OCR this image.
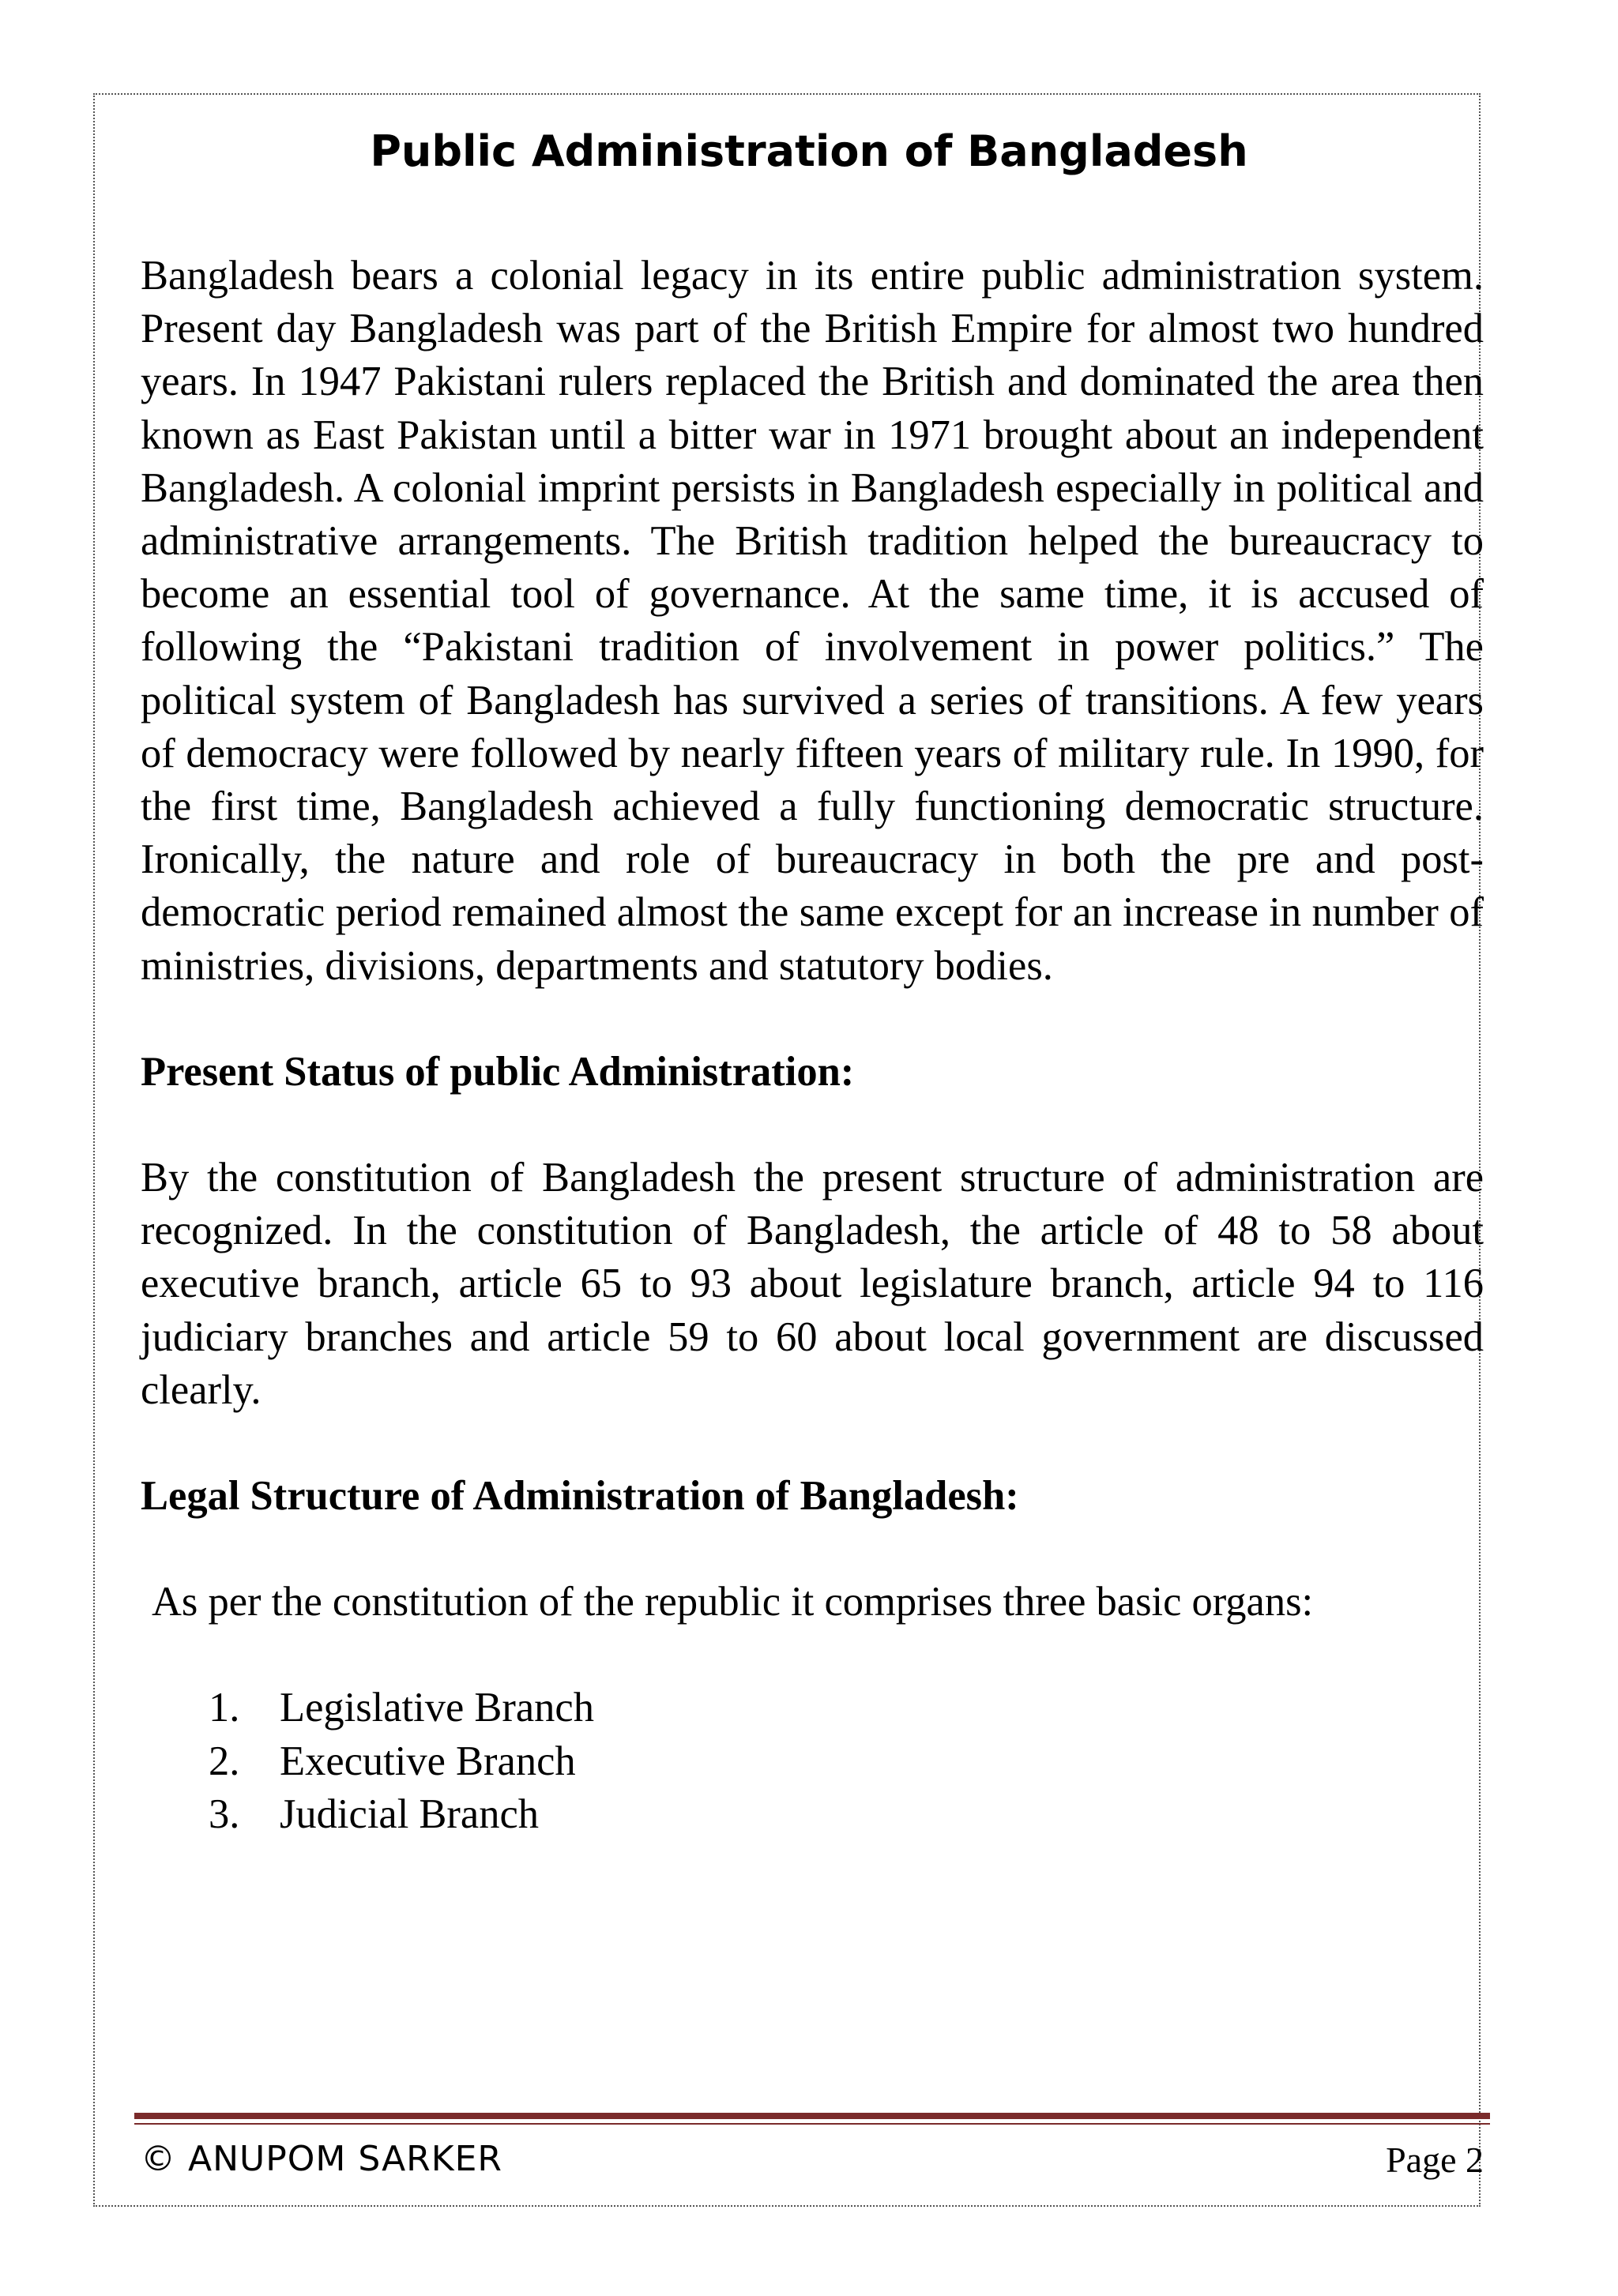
Public Administration of Bangladesh

Bangladesh bears a colonial legacy in its entire public administration system. Present day Bangladesh was part of the British Empire for almost two hundred years. In 1947 Pakistani rulers replaced the British and dominated the area then known as East Pakistan until a bitter war in 1971 brought about an independent Bangladesh. A colonial imprint persists in Bangladesh especially in political and administrative arrangements. The British tradition helped the bureaucracy to become an essential tool of governance. At the same time, it is accused of following the “Pakistani tradition of involvement in power politics.” The political system of Bangladesh has survived a series of transitions. A few years of democracy were followed by nearly fifteen years of military rule. In 1990, for the first time, Bangladesh achieved a fully functioning democratic structure. Ironically, the nature and role of bureaucracy in both the pre and post-democratic period remained almost the same except for an increase in number of ministries, divisions, departments and statutory bodies.

Present Status of public Administration:

By the constitution of Bangladesh the present structure of administration are recognized. In the constitution of Bangladesh, the article of 48 to 58 about executive branch, article 65 to 93 about legislature branch, article 94 to 116 judiciary branches and article 59 to 60 about local government are discussed clearly.

Legal Structure of Administration of Bangladesh:

As per the constitution of the republic it comprises three basic organs:

1. Legislative Branch
2. Executive Branch
3. Judicial Branch
© ANUPOM SARKER	Page 2
